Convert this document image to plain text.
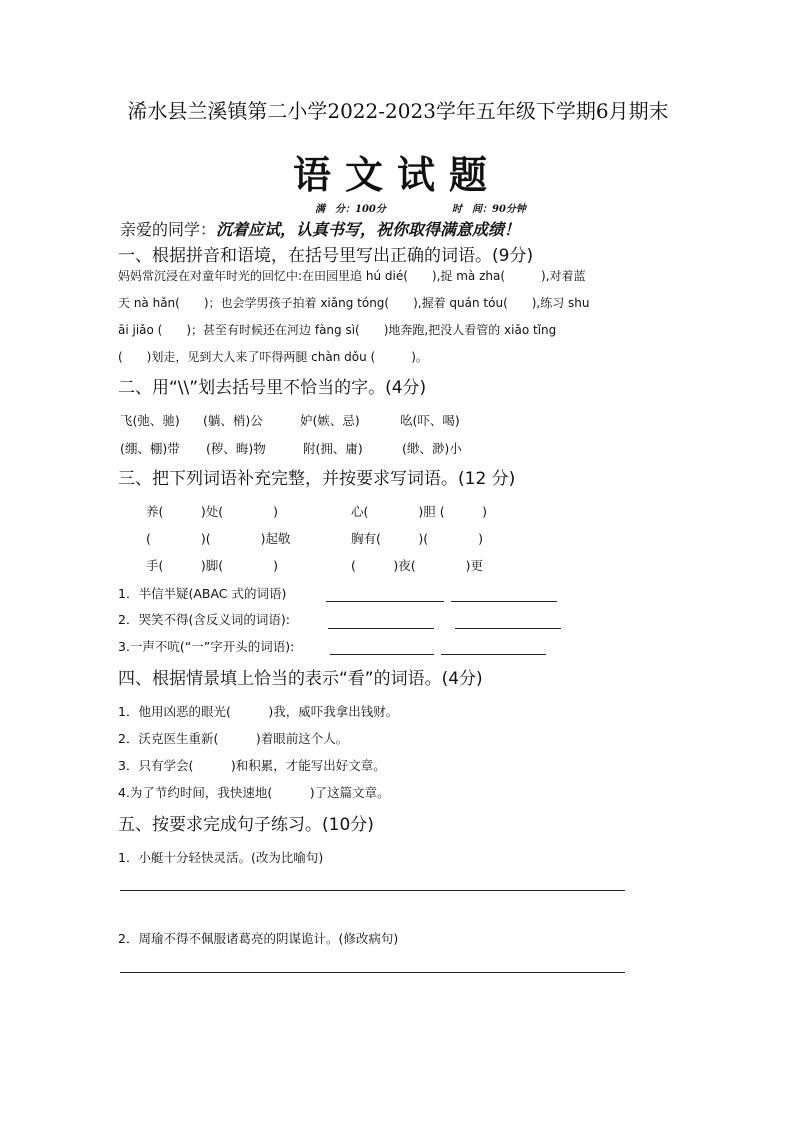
浠水县兰溪镇第二小学2022-2023学年五年级下学期6月期末
语文试题
满　分：100分	时　间：90分钟
亲爱的同学：沉着应试，认真书写，祝你取得满意成绩！
一、根据拼音和语境，在括号里写出正确的词语。(9分)
妈妈常沉浸在对童年时光的回忆中:在田园里追 hú dié(　　),捉 mà zha(　　　),对着蓝
天 nà hǎn(　　)；也会学男孩子拍着 xiǎng tóng(　　),握着 quán tóu(　　),练习 shu
āi jiǎo (　　)；甚至有时候还在河边 fàng sì(　　)地奔跑,把没人看管的 xiǎo tǐng
(　　)划走，见到大人来了吓得两腿 chàn dǒu (　　　)。
二、用“\\”划去括号里不恰当的字。(4分)
飞(弛、驰) (躺、梢)公	妒(嫉、忌)	吆(吓、喝)
(绷、棚)带 (秽、晦)物	附(拥、庸)	(缈、渺)小
三、把下列词语补充完整，并按要求写词语。(12 分)
养(　　　)处(　　　　)	心(　　　　)胆 (　　　)
(　　　　)(　　　　)起敬	胸有(　　　)(　　　　)
手(　　　)脚(　　　　)	(　　　)夜(　　　　)更
1．半信半疑(ABAC 式的词语)
2．哭笑不得(含反义词的词语):
3.一声不吭(“一”字开头的词语):
四、根据情景填上恰当的表示“看”的词语。(4分)
1．他用凶恶的眼光(　　　)我，威吓我拿出钱财。
2．沃克医生重新(　　　)着眼前这个人。
3．只有学会(　　　)和积累，才能写出好文章。
4.为了节约时间，我快速地(　　　)了这篇文章。
五、按要求完成句子练习。(10分)
1．小艇十分轻快灵活。(改为比喻句)
2．周瑜不得不佩服诸葛亮的阴谋诡计。(修改病句)
